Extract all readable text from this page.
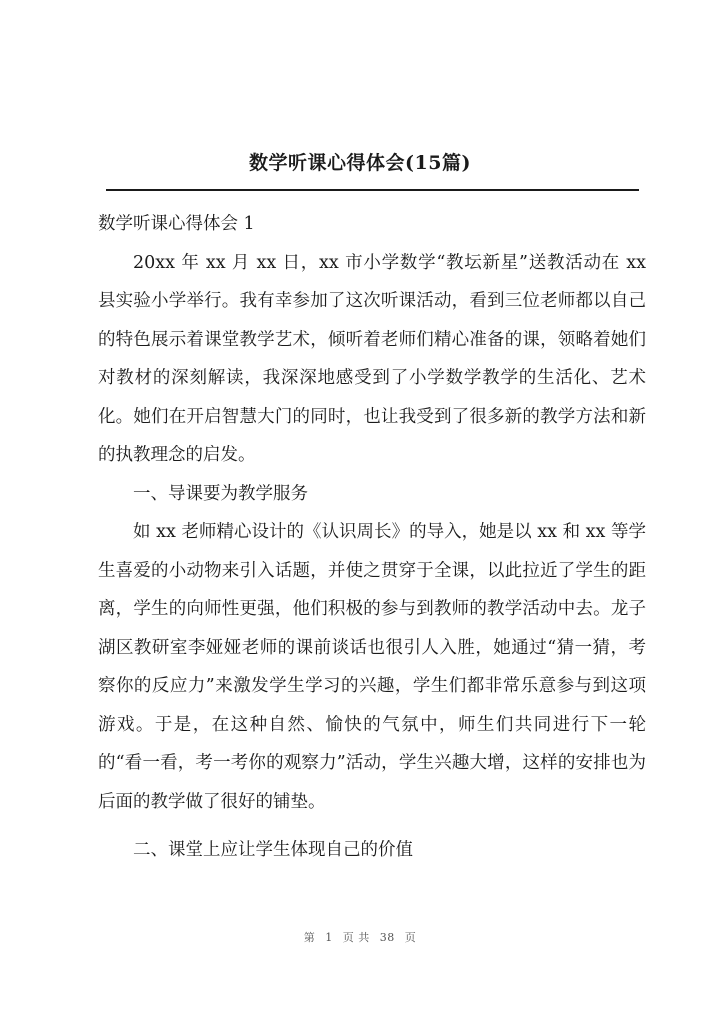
数学听课心得体会(15篇)

数学听课心得体会 1

20xx 年 xx 月 xx 日，xx 市小学数学“教坛新星”送教活动在 xx 县实验小学举行。我有幸参加了这次听课活动，看到三位老师都以自己的特色展示着课堂教学艺术，倾听着老师们精心准备的课，领略着她们对教材的深刻解读，我深深地感受到了小学数学教学的生活化、艺术化。她们在开启智慧大门的同时，也让我受到了很多新的教学方法和新的执教理念的启发。

一、导课要为教学服务

如 xx 老师精心设计的《认识周长》的导入，她是以 xx 和 xx 等学生喜爱的小动物来引入话题，并使之贯穿于全课，以此拉近了学生的距离，学生的向师性更强，他们积极的参与到教师的教学活动中去。龙子湖区教研室李娅娅老师的课前谈话也很引人入胜，她通过“猜一猜，考察你的反应力”来激发学生学习的兴趣，学生们都非常乐意参与到这项游戏。于是，在这种自然、愉快的气氛中，师生们共同进行下一轮的“看一看，考一考你的观察力”活动，学生兴趣大增，这样的安排也为后面的教学做了很好的铺垫。

二、课堂上应让学生体现自己的价值

第 1 页 共 38 页
